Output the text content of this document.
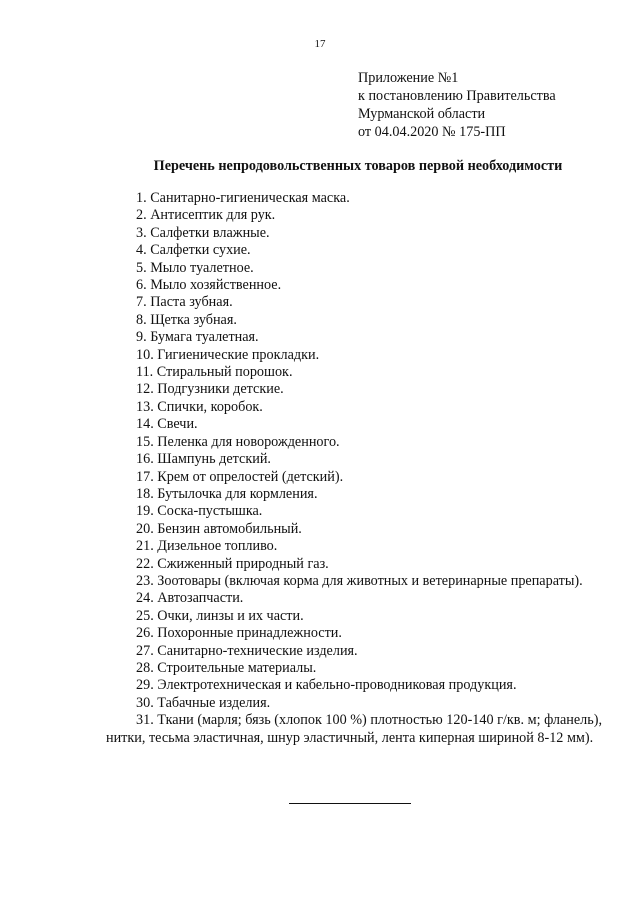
17
Приложение №1
к постановлению Правительства
Мурманской области
от 04.04.2020 № 175-ПП
Перечень непродовольственных товаров первой необходимости
1. Санитарно-гигиеническая маска.
2. Антисептик для рук.
3. Салфетки влажные.
4. Салфетки сухие.
5. Мыло туалетное.
6. Мыло хозяйственное.
7. Паста зубная.
8. Щетка зубная.
9. Бумага туалетная.
10. Гигиенические прокладки.
11. Стиральный порошок.
12. Подгузники детские.
13. Спички, коробок.
14. Свечи.
15. Пеленка для новорожденного.
16. Шампунь детский.
17. Крем от опрелостей (детский).
18. Бутылочка для кормления.
19. Соска-пустышка.
20. Бензин автомобильный.
21. Дизельное топливо.
22. Сжиженный природный газ.
23. Зоотовары (включая корма для животных и ветеринарные препараты).
24. Автозапчасти.
25. Очки, линзы и их части.
26. Похоронные принадлежности.
27. Санитарно-технические изделия.
28. Строительные материалы.
29. Электротехническая и кабельно-проводниковая продукция.
30. Табачные изделия.
31. Ткани (марля; бязь (хлопок 100 %) плотностью 120-140 г/кв. м; фланель), нитки, тесьма эластичная, шнур эластичный, лента киперная шириной 8-12 мм).
